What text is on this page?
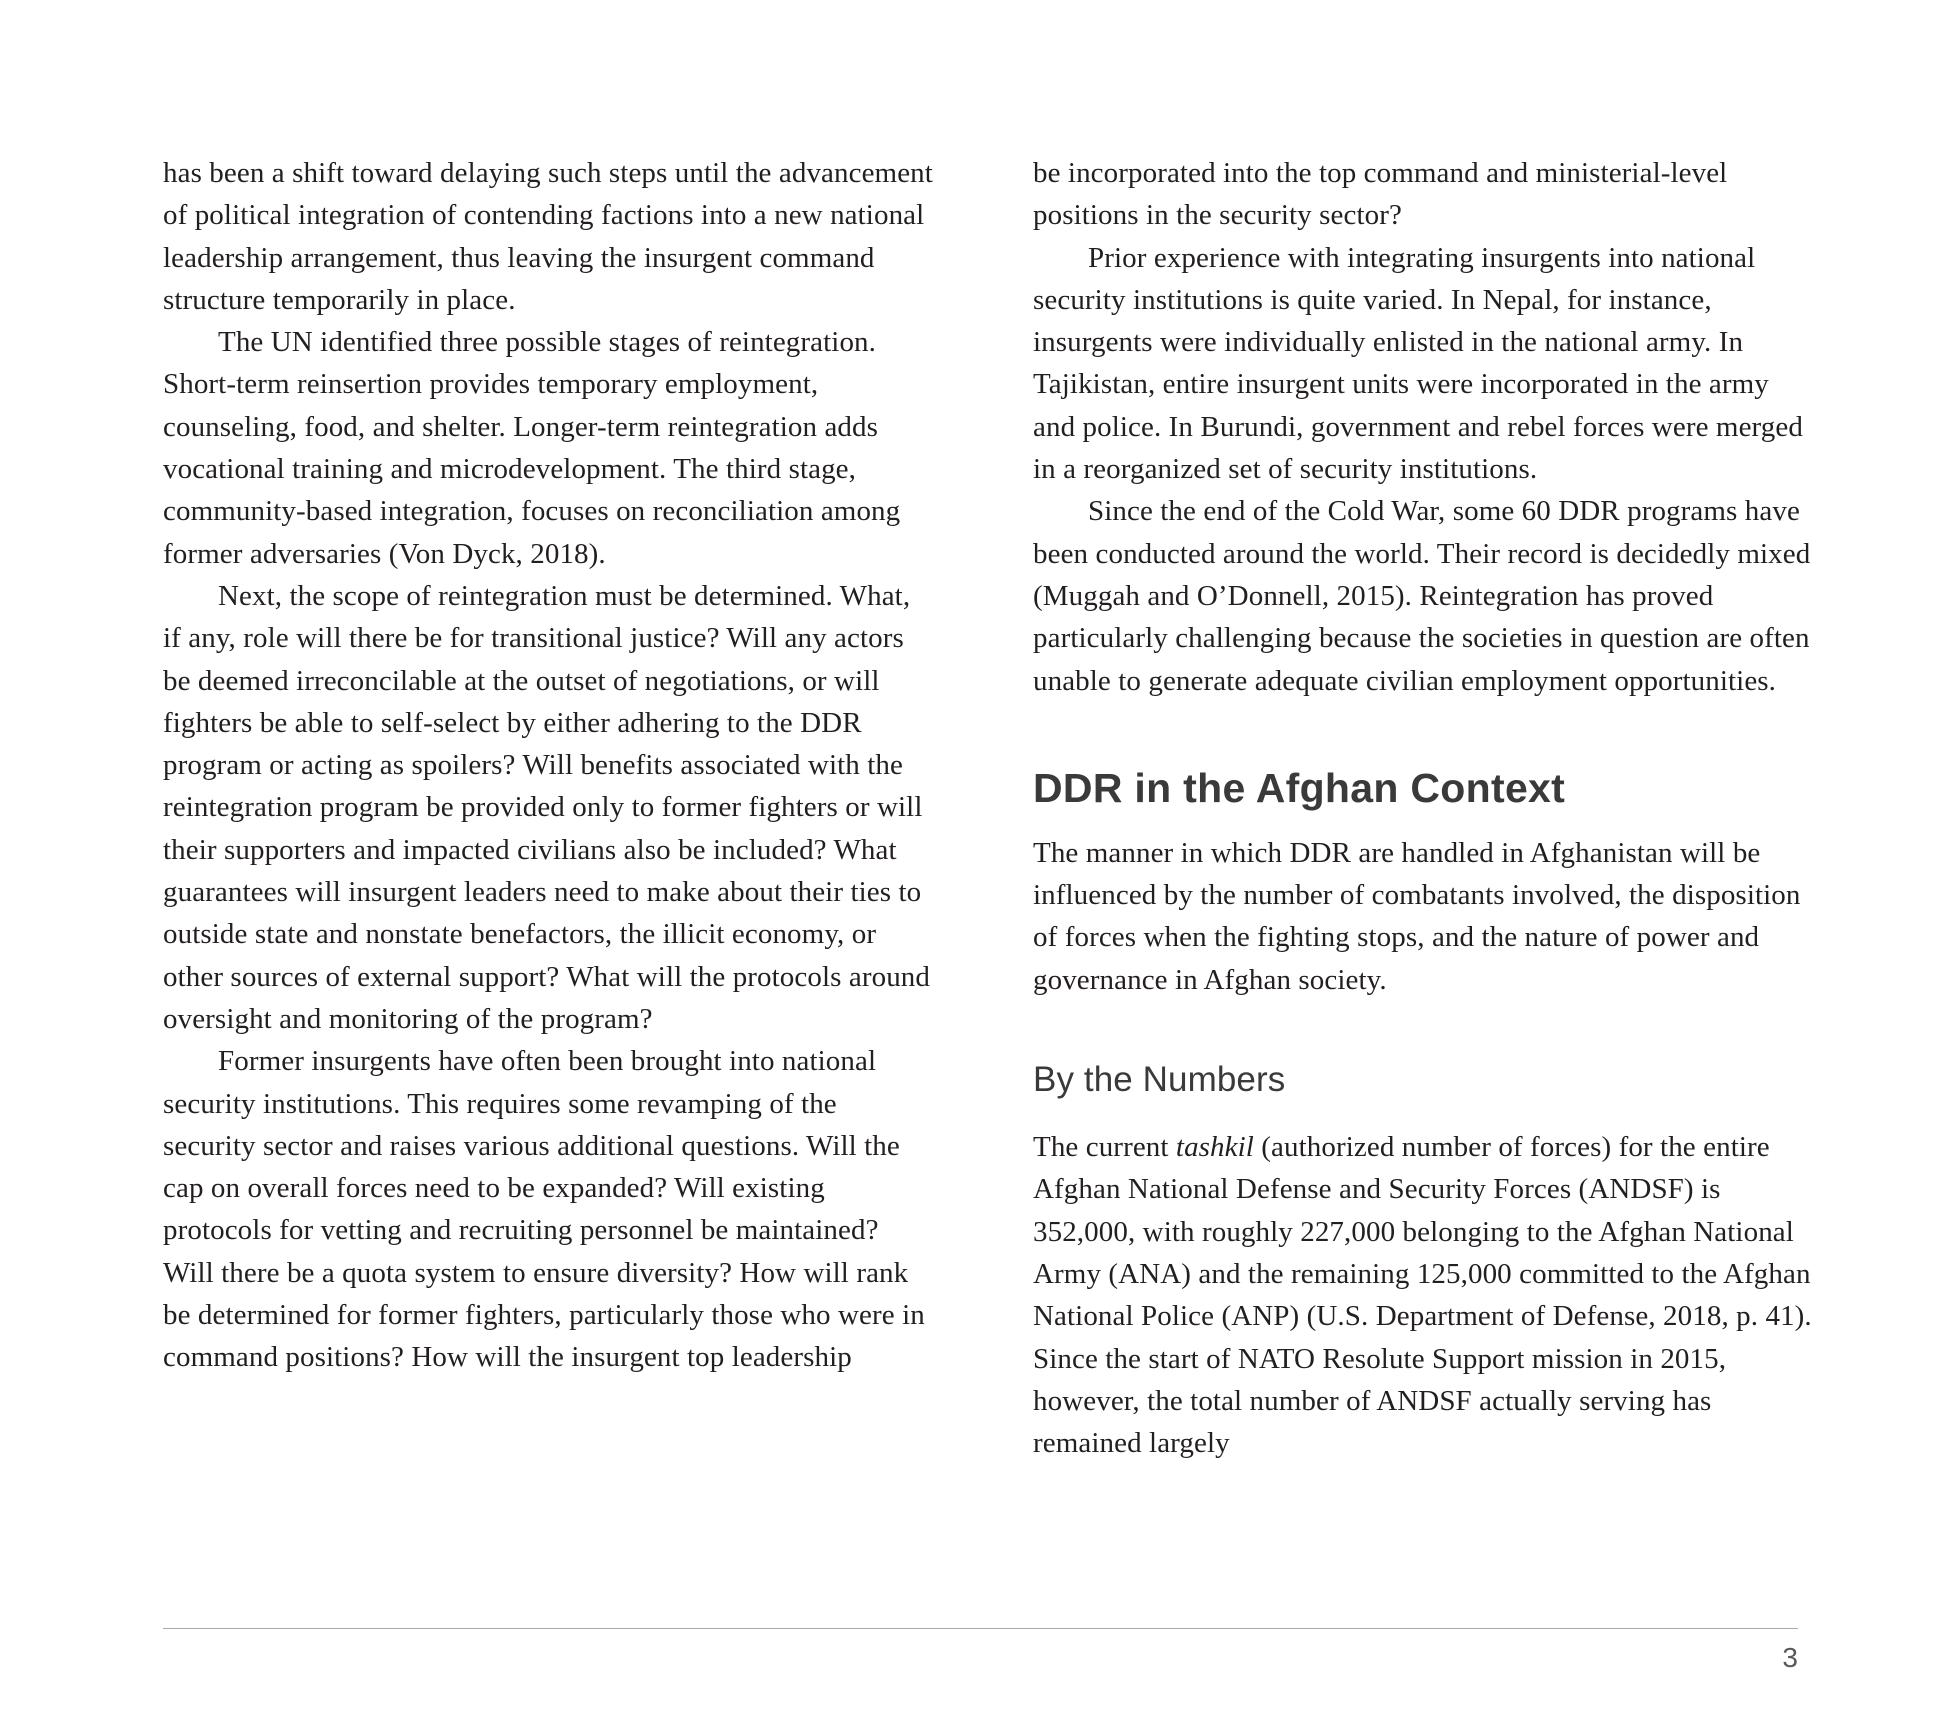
has been a shift toward delaying such steps until the advancement of political integration of contending factions into a new national leadership arrangement, thus leaving the insurgent command structure temporarily in place.

The UN identified three possible stages of reintegration. Short-term reinsertion provides temporary employment, counseling, food, and shelter. Longer-term reintegration adds vocational training and microdevelopment. The third stage, community-based integration, focuses on reconciliation among former adversaries (Von Dyck, 2018).

Next, the scope of reintegration must be determined. What, if any, role will there be for transitional justice? Will any actors be deemed irreconcilable at the outset of negotiations, or will fighters be able to self-select by either adhering to the DDR program or acting as spoilers? Will benefits associated with the reintegration program be provided only to former fighters or will their supporters and impacted civilians also be included? What guarantees will insurgent leaders need to make about their ties to outside state and nonstate benefactors, the illicit economy, or other sources of external support? What will the protocols around oversight and monitoring of the program?

Former insurgents have often been brought into national security institutions. This requires some revamping of the security sector and raises various additional questions. Will the cap on overall forces need to be expanded? Will existing protocols for vetting and recruiting personnel be maintained? Will there be a quota system to ensure diversity? How will rank be determined for former fighters, particularly those who were in command positions? How will the insurgent top leadership

be incorporated into the top command and ministerial-level positions in the security sector?

Prior experience with integrating insurgents into national security institutions is quite varied. In Nepal, for instance, insurgents were individually enlisted in the national army. In Tajikistan, entire insurgent units were incorporated in the army and police. In Burundi, government and rebel forces were merged in a reorganized set of security institutions.

Since the end of the Cold War, some 60 DDR programs have been conducted around the world. Their record is decidedly mixed (Muggah and O’Donnell, 2015). Reintegration has proved particularly challenging because the societies in question are often unable to generate adequate civilian employment opportunities.

DDR in the Afghan Context

The manner in which DDR are handled in Afghanistan will be influenced by the number of combatants involved, the disposition of forces when the fighting stops, and the nature of power and governance in Afghan society.

By the Numbers

The current tashkil (authorized number of forces) for the entire Afghan National Defense and Security Forces (ANDSF) is 352,000, with roughly 227,000 belonging to the Afghan National Army (ANA) and the remaining 125,000 committed to the Afghan National Police (ANP) (U.S. Department of Defense, 2018, p. 41). Since the start of NATO Resolute Support mission in 2015, however, the total number of ANDSF actually serving has remained largely

3
